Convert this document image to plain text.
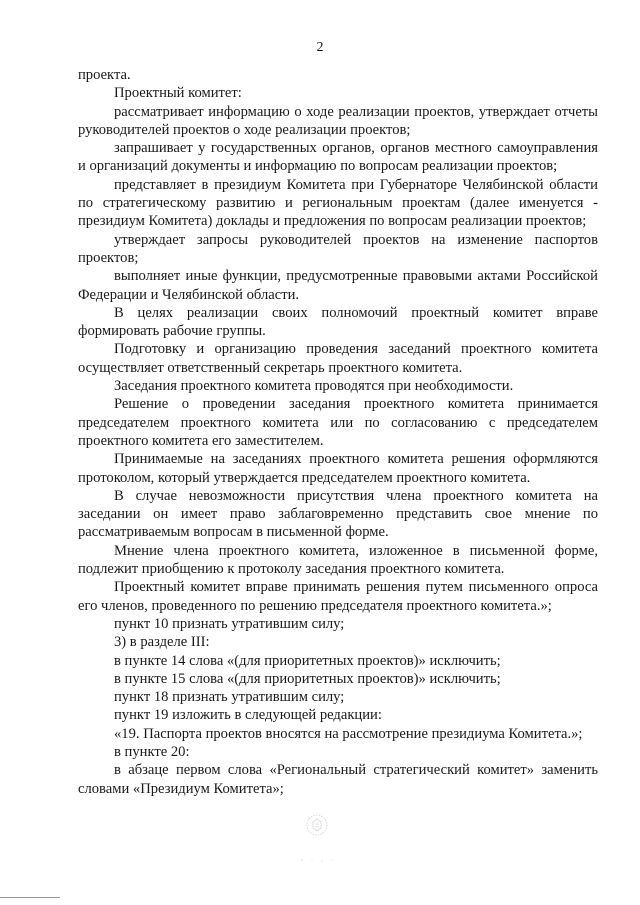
2

проекта.

Проектный комитет:

рассматривает информацию о ходе реализации проектов, утверждает отчеты руководителей проектов о ходе реализации проектов;

запрашивает у государственных органов, органов местного самоуправления и организаций документы и информацию по вопросам реализации проектов;

представляет в президиум Комитета при Губернаторе Челябинской области по стратегическому развитию и региональным проектам (далее именуется - президиум Комитета) доклады и предложения по вопросам реализации проектов;

утверждает запросы руководителей проектов на изменение паспортов проектов;

выполняет иные функции, предусмотренные правовыми актами Российской Федерации и Челябинской области.

В целях реализации своих полномочий проектный комитет вправе формировать рабочие группы.

Подготовку и организацию проведения заседаний проектного комитета осуществляет ответственный секретарь проектного комитета.

Заседания проектного комитета проводятся при необходимости.

Решение о проведении заседания проектного комитета принимается председателем проектного комитета или по согласованию с председателем проектного комитета его заместителем.

Принимаемые на заседаниях проектного комитета решения оформляются протоколом, который утверждается председателем проектного комитета.

В случае невозможности присутствия члена проектного комитета на заседании он имеет право заблаговременно представить свое мнение по рассматриваемым вопросам в письменной форме.

Мнение члена проектного комитета, изложенное в письменной форме, подлежит приобщению к протоколу заседания проектного комитета.

Проектный комитет вправе принимать решения путем письменного опроса его членов, проведенного по решению председателя проектного комитета.»;

пункт 10 признать утратившим силу;

3) в разделе III:

в пункте 14 слова «(для приоритетных проектов)» исключить;

в пункте 15 слова «(для приоритетных проектов)» исключить;

пункт 18 признать утратившим силу;

пункт 19 изложить в следующей редакции:

«19. Паспорта проектов вносятся на рассмотрение президиума Комитета.»;

в пункте 20:

в абзаце первом слова «Региональный стратегический комитет» заменить словами «Президиум Комитета»;
